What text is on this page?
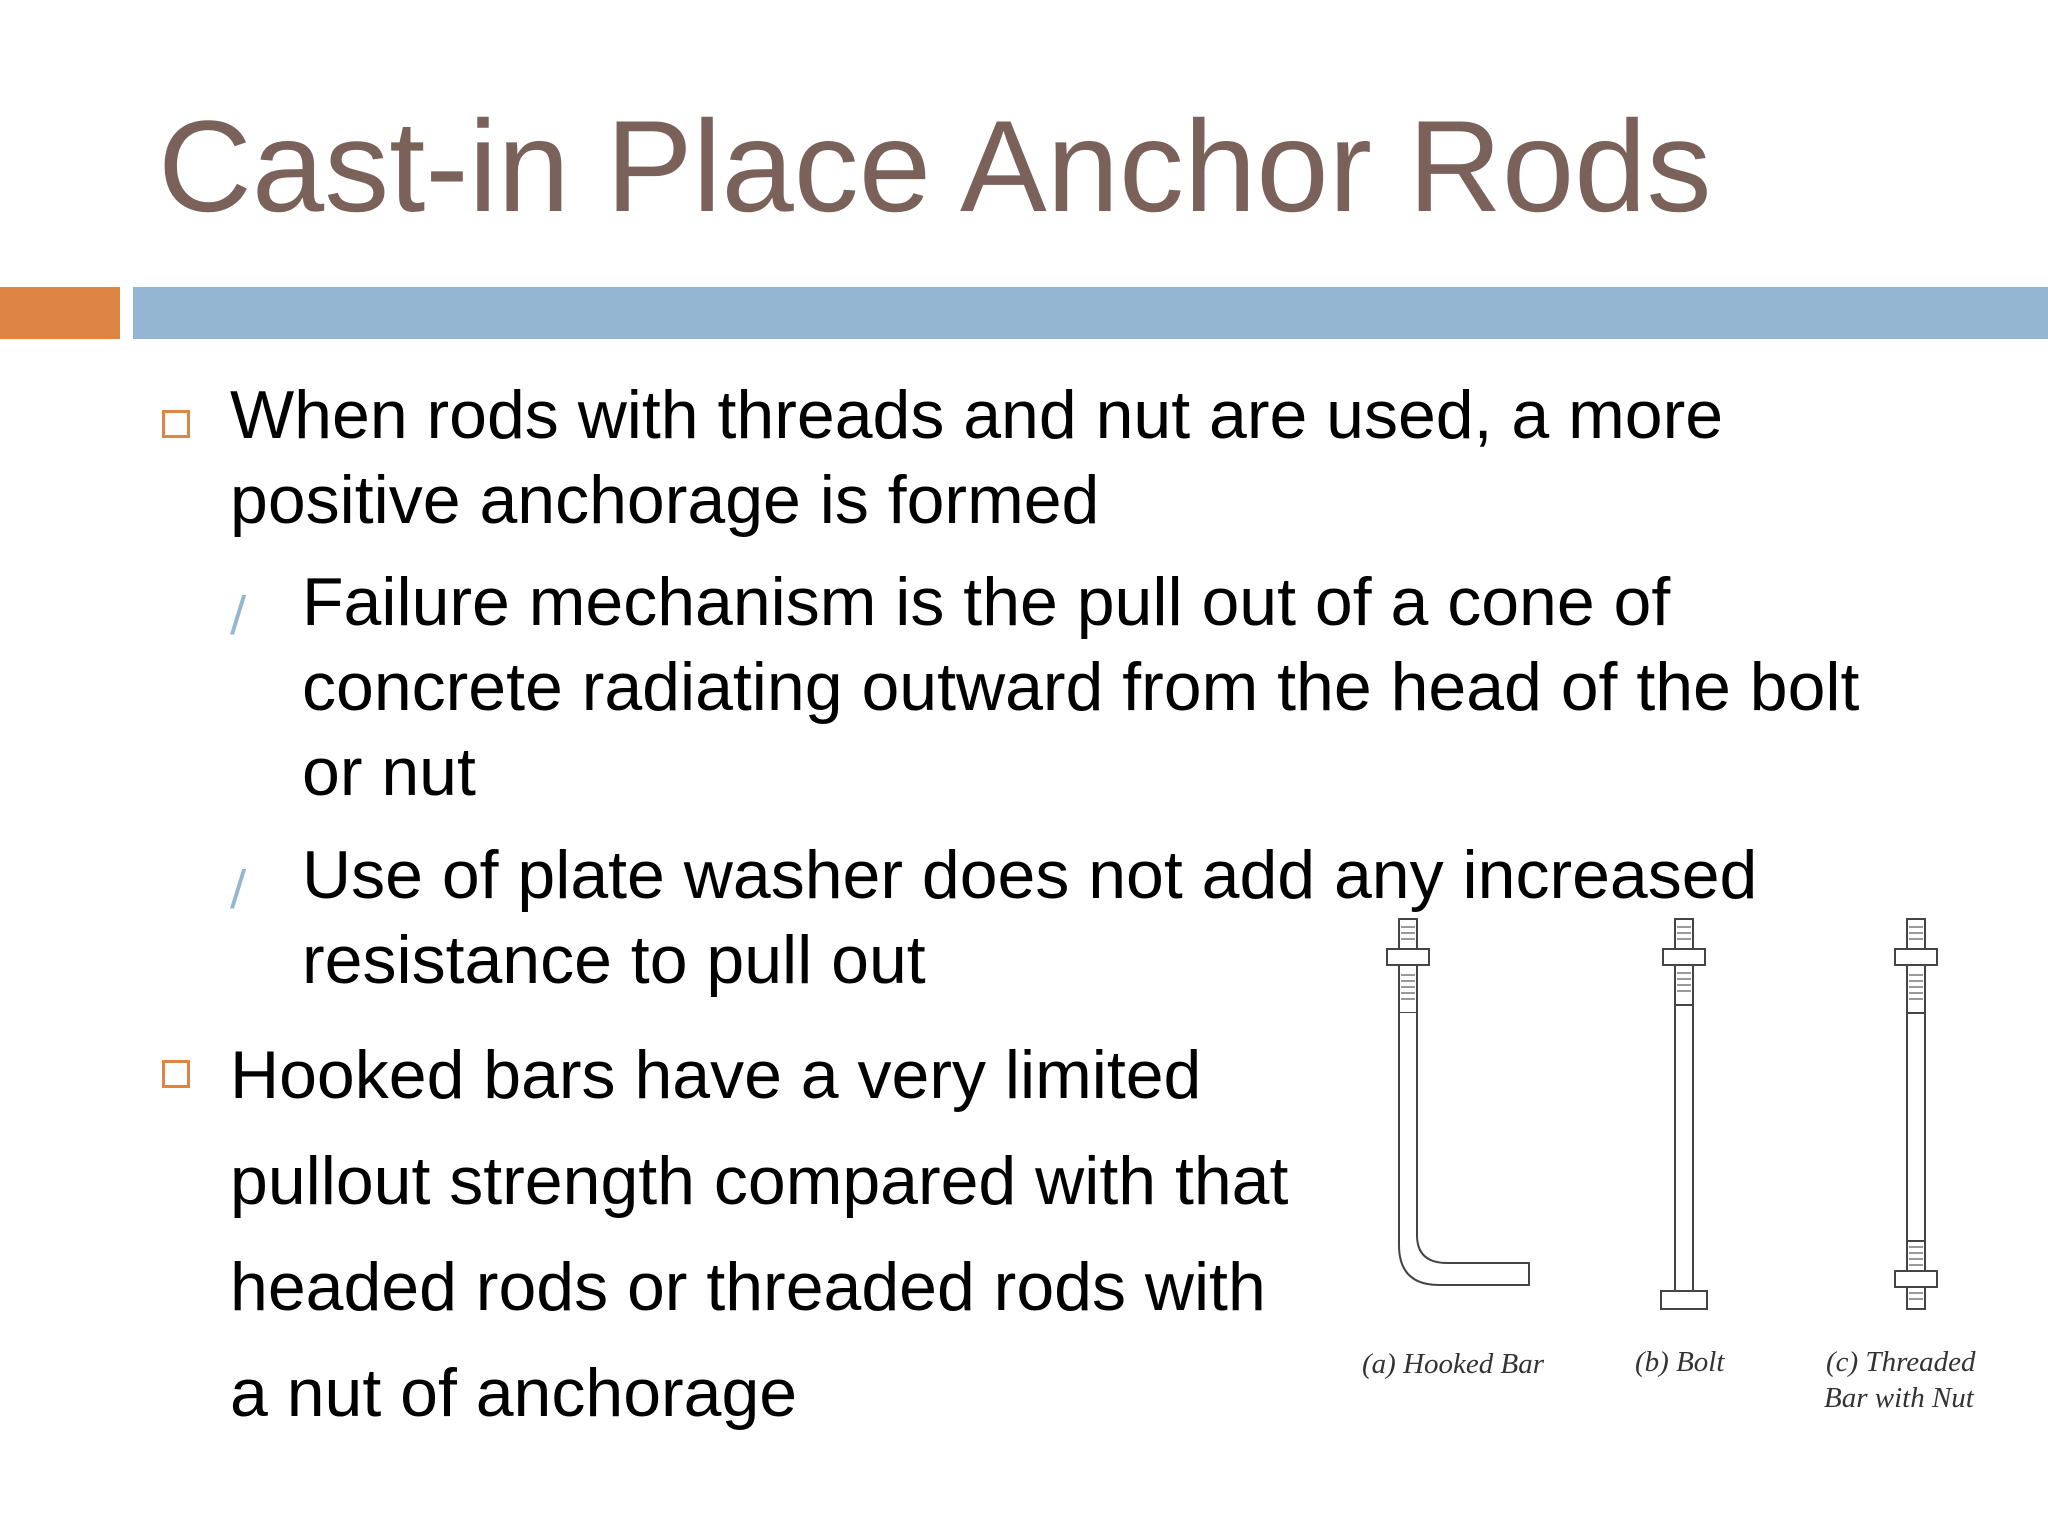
Cast-in Place Anchor Rods
When rods with threads and nut are used, a more
positive anchorage is formed
∕ Failure mechanism is the pull out of a cone of
concrete radiating outward from the head of the bolt
or nut
∕ Use of plate washer does not add any increased
resistance to pull out
Hooked bars have a very limited
pullout strength compared with that
headed rods or threaded rods with
a nut of anchorage	(a) Hooked Bar	(b) Bolt	(c) Threaded
Bar with Nut
